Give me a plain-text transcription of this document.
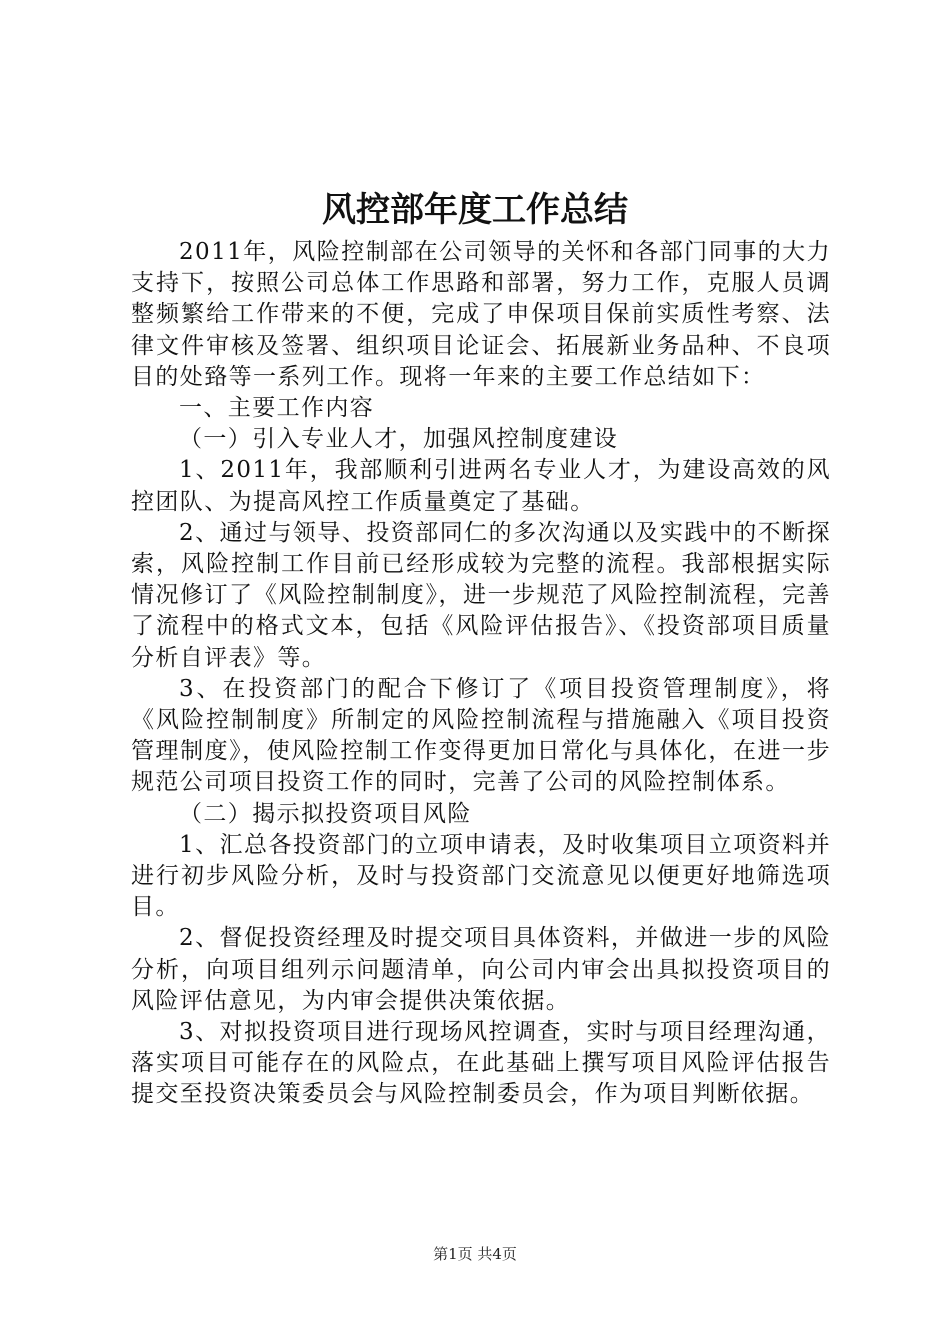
风控部年度工作总结

2011年，风险控制部在公司领导的关怀和各部门同事的大力支持下，按照公司总体工作思路和部署，努力工作，克服人员调整频繁给工作带来的不便，完成了申保项目保前实质性考察、法律文件审核及签署、组织项目论证会、拓展新业务品种、不良项目的处臵等一系列工作。现将一年来的主要工作总结如下：

一、主要工作内容

（一）引入专业人才，加强风控制度建设

1、2011年，我部顺利引进两名专业人才，为建设高效的风控团队、为提高风控工作质量奠定了基础。

2、通过与领导、投资部同仁的多次沟通以及实践中的不断探索，风险控制工作目前已经形成较为完整的流程。我部根据实际情况修订了《风险控制制度》，进一步规范了风险控制流程，完善了流程中的格式文本，包括《风险评估报告》、《投资部项目质量分析自评表》等。

3、在投资部门的配合下修订了《项目投资管理制度》，将《风险控制制度》所制定的风险控制流程与措施融入《项目投资管理制度》，使风险控制工作变得更加日常化与具体化，在进一步规范公司项目投资工作的同时，完善了公司的风险控制体系。

（二）揭示拟投资项目风险

1、汇总各投资部门的立项申请表，及时收集项目立项资料并进行初步风险分析，及时与投资部门交流意见以便更好地筛选项目。

2、督促投资经理及时提交项目具体资料，并做进一步的风险分析，向项目组列示问题清单，向公司内审会出具拟投资项目的风险评估意见，为内审会提供决策依据。

3、对拟投资项目进行现场风控调查，实时与项目经理沟通，落实项目可能存在的风险点，在此基础上撰写项目风险评估报告提交至投资决策委员会与风险控制委员会，作为项目判断依据。

第1页 共4页
